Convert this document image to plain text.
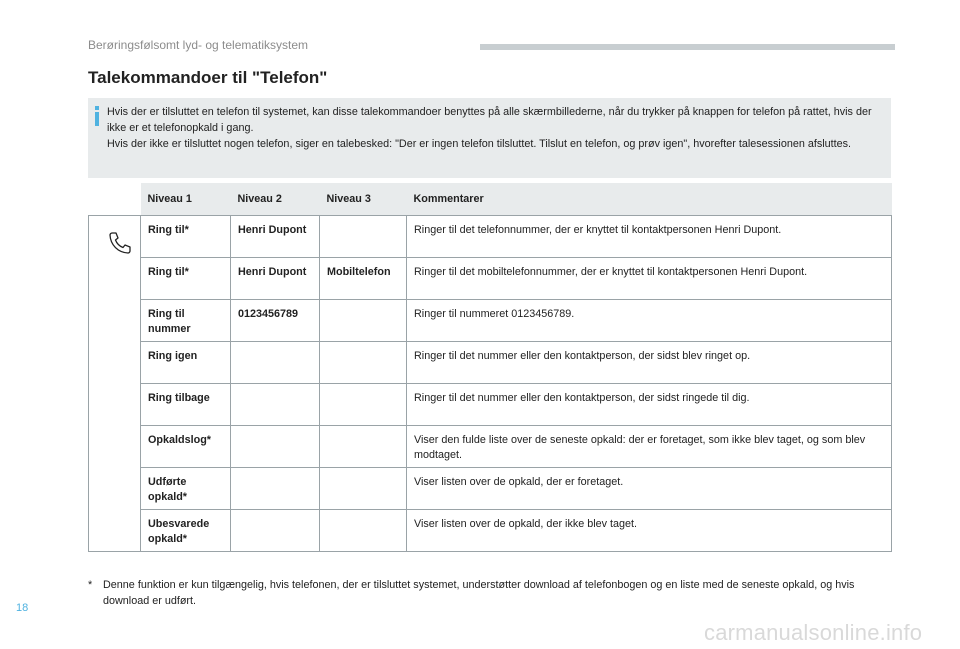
Berøringsfølsomt lyd- og telematiksystem
Talekommandoer til "Telefon"

Hvis der er tilsluttet en telefon til systemet, kan disse talekommandoer benyttes på alle skærmbillederne, når du trykker på knappen for telefon på rattet, hvis der ikke er et telefonopkald i gang.

Hvis der ikke er tilsluttet nogen telefon, siger en talebesked: "Der er ingen telefon tilsluttet. Tilslut en telefon, og prøv igen", hvorefter talesessionen afsluttes.

	Niveau 1	Niveau 2	Niveau 3	Kommentarer

	Ring til*	Henri Dupont		Ringer til det telefonnummer, der er knyttet til kontaktpersonen Henri Dupont.
	Ring til*	Henri Dupont	Mobiltelefon	Ringer til det mobiltelefonnummer, der er knyttet til kontaktpersonen Henri Dupont.
	Ring til nummer	0123456789		Ringer til nummeret 0123456789.
	Ring igen			Ringer til det nummer eller den kontaktperson, der sidst blev ringet op.
	Ring tilbage			Ringer til det nummer eller den kontaktperson, der sidst ringede til dig.
	Opkaldslog*			Viser den fulde liste over de seneste opkald: der er foretaget, som ikke blev taget, og som blev modtaget.
	Udførte opkald*			Viser listen over de opkald, der er foretaget.
	Ubesvarede opkald*			Viser listen over de opkald, der ikke blev taget.
* Denne funktion er kun tilgængelig, hvis telefonen, der er tilsluttet systemet, understøtter download af telefonbogen og en liste med de seneste opkald, og hvis download er udført.
18
carmanualsonline.info
